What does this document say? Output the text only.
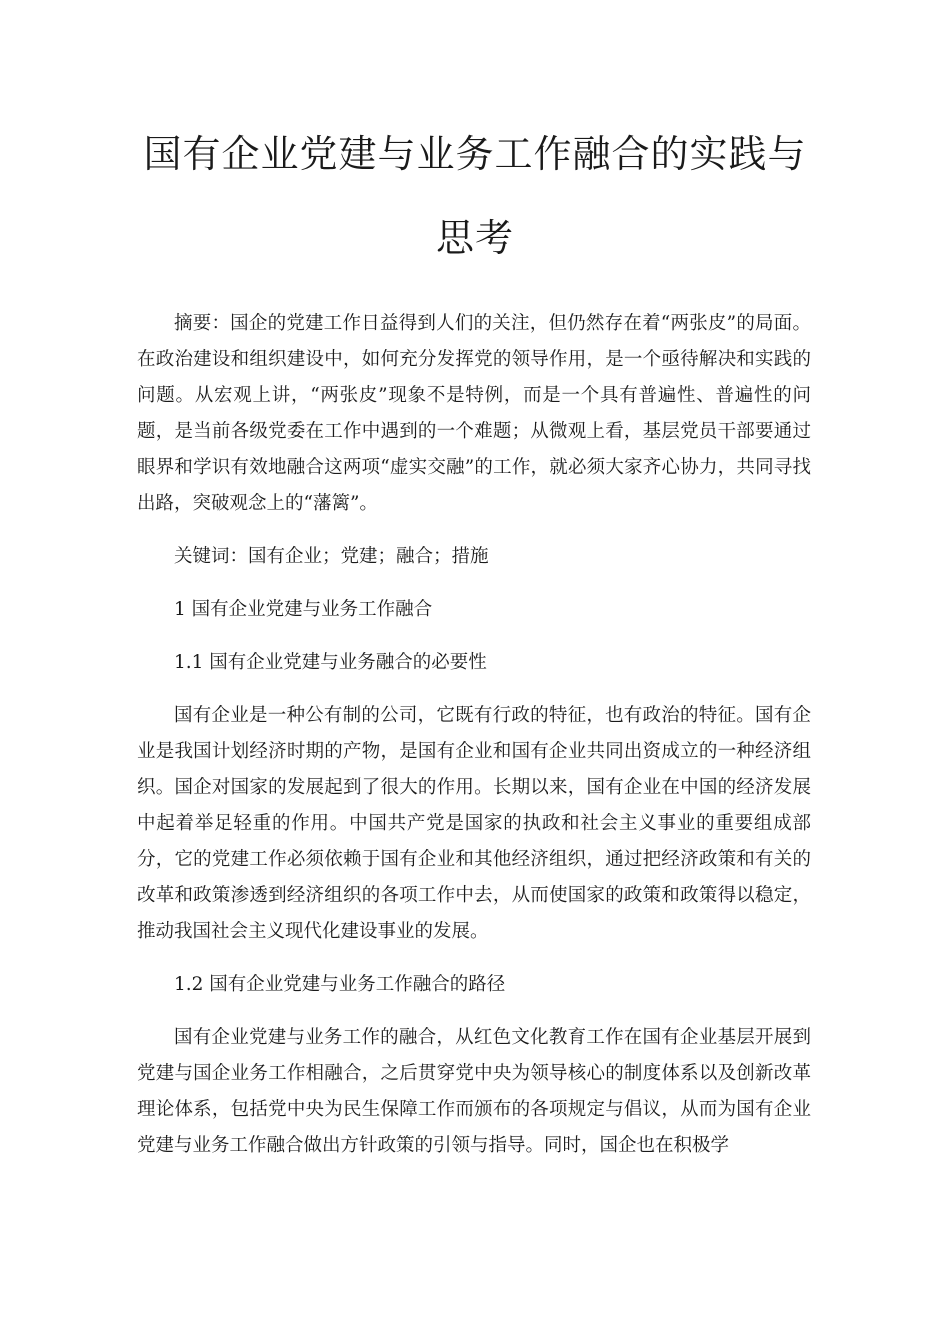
国有企业党建与业务工作融合的实践与
思考

摘要：国企的党建工作日益得到人们的关注，但仍然存在着“两张皮”的局面。在政治建设和组织建设中，如何充分发挥党的领导作用，是一个亟待解决和实践的问题。从宏观上讲，“两张皮”现象不是特例，而是一个具有普遍性、普遍性的问题，是当前各级党委在工作中遇到的一个难题；从微观上看，基层党员干部要通过眼界和学识有效地融合这两项“虚实交融”的工作，就必须大家齐心协力，共同寻找出路，突破观念上的“藩篱”。

关键词：国有企业；党建；融合；措施

1 国有企业党建与业务工作融合

1.1 国有企业党建与业务融合的必要性

国有企业是一种公有制的公司，它既有行政的特征，也有政治的特征。国有企业是我国计划经济时期的产物，是国有企业和国有企业共同出资成立的一种经济组织。国企对国家的发展起到了很大的作用。长期以来，国有企业在中国的经济发展中起着举足轻重的作用。中国共产党是国家的执政和社会主义事业的重要组成部分，它的党建工作必须依赖于国有企业和其他经济组织，通过把经济政策和有关的改革和政策渗透到经济组织的各项工作中去，从而使国家的政策和政策得以稳定，推动我国社会主义现代化建设事业的发展。

1.2 国有企业党建与业务工作融合的路径

国有企业党建与业务工作的融合，从红色文化教育工作在国有企业基层开展到党建与国企业务工作相融合，之后贯穿党中央为领导核心的制度体系以及创新改革理论体系，包括党中央为民生保障工作而颁布的各项规定与倡议，从而为国有企业党建与业务工作融合做出方针政策的引领与指导。同时，国企也在积极学
